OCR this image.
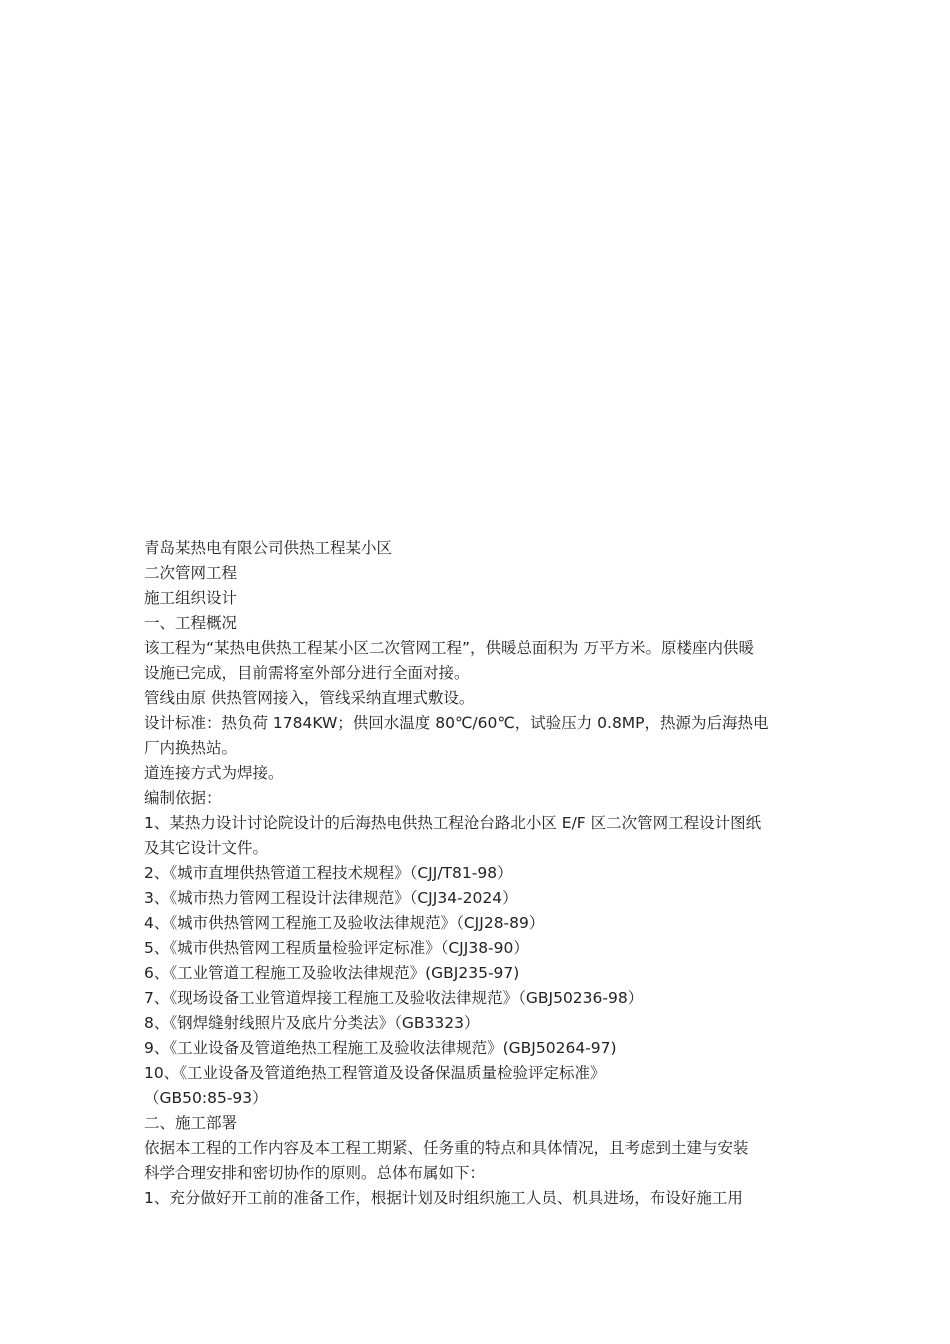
青岛某热电有限公司供热工程某小区
二次管网工程
施工组织设计
一、工程概况
该工程为“某热电供热工程某小区二次管网工程”，供暖总面积为 万平方米。原楼座内供暖
设施已完成，目前需将室外部分进行全面对接。
管线由原 供热管网接入，管线采纳直埋式敷设。
设计标准：热负荷 1784KW；供回水温度 80℃/60℃，试验压力 0.8MP，热源为后海热电
厂内换热站。
道连接方式为焊接。
编制依据：
1、某热力设计讨论院设计的后海热电供热工程沧台路北小区 E/F 区二次管网工程设计图纸
及其它设计文件。
2、《城市直埋供热管道工程技术规程》（CJJ/T81-98）
3、《城市热力管网工程设计法律规范》（CJJ34-2024）
4、《城市供热管网工程施工及验收法律规范》（CJJ28-89）
5、《城市供热管网工程质量检验评定标准》（CJJ38-90）
6、《工业管道工程施工及验收法律规范》(GBJ235-97)
7、《现场设备工业管道焊接工程施工及验收法律规范》（GBJ50236-98）
8、《钢焊缝射线照片及底片分类法》（GB3323）
9、《工业设备及管道绝热工程施工及验收法律规范》(GBJ50264-97)
10、《工业设备及管道绝热工程管道及设备保温质量检验评定标准》
（GB50:85-93）
二、施工部署
依据本工程的工作内容及本工程工期紧、任务重的特点和具体情况，且考虑到土建与安装
科学合理安排和密切协作的原则。总体布属如下：
1、充分做好开工前的准备工作，根据计划及时组织施工人员、机具进场，布设好施工用
